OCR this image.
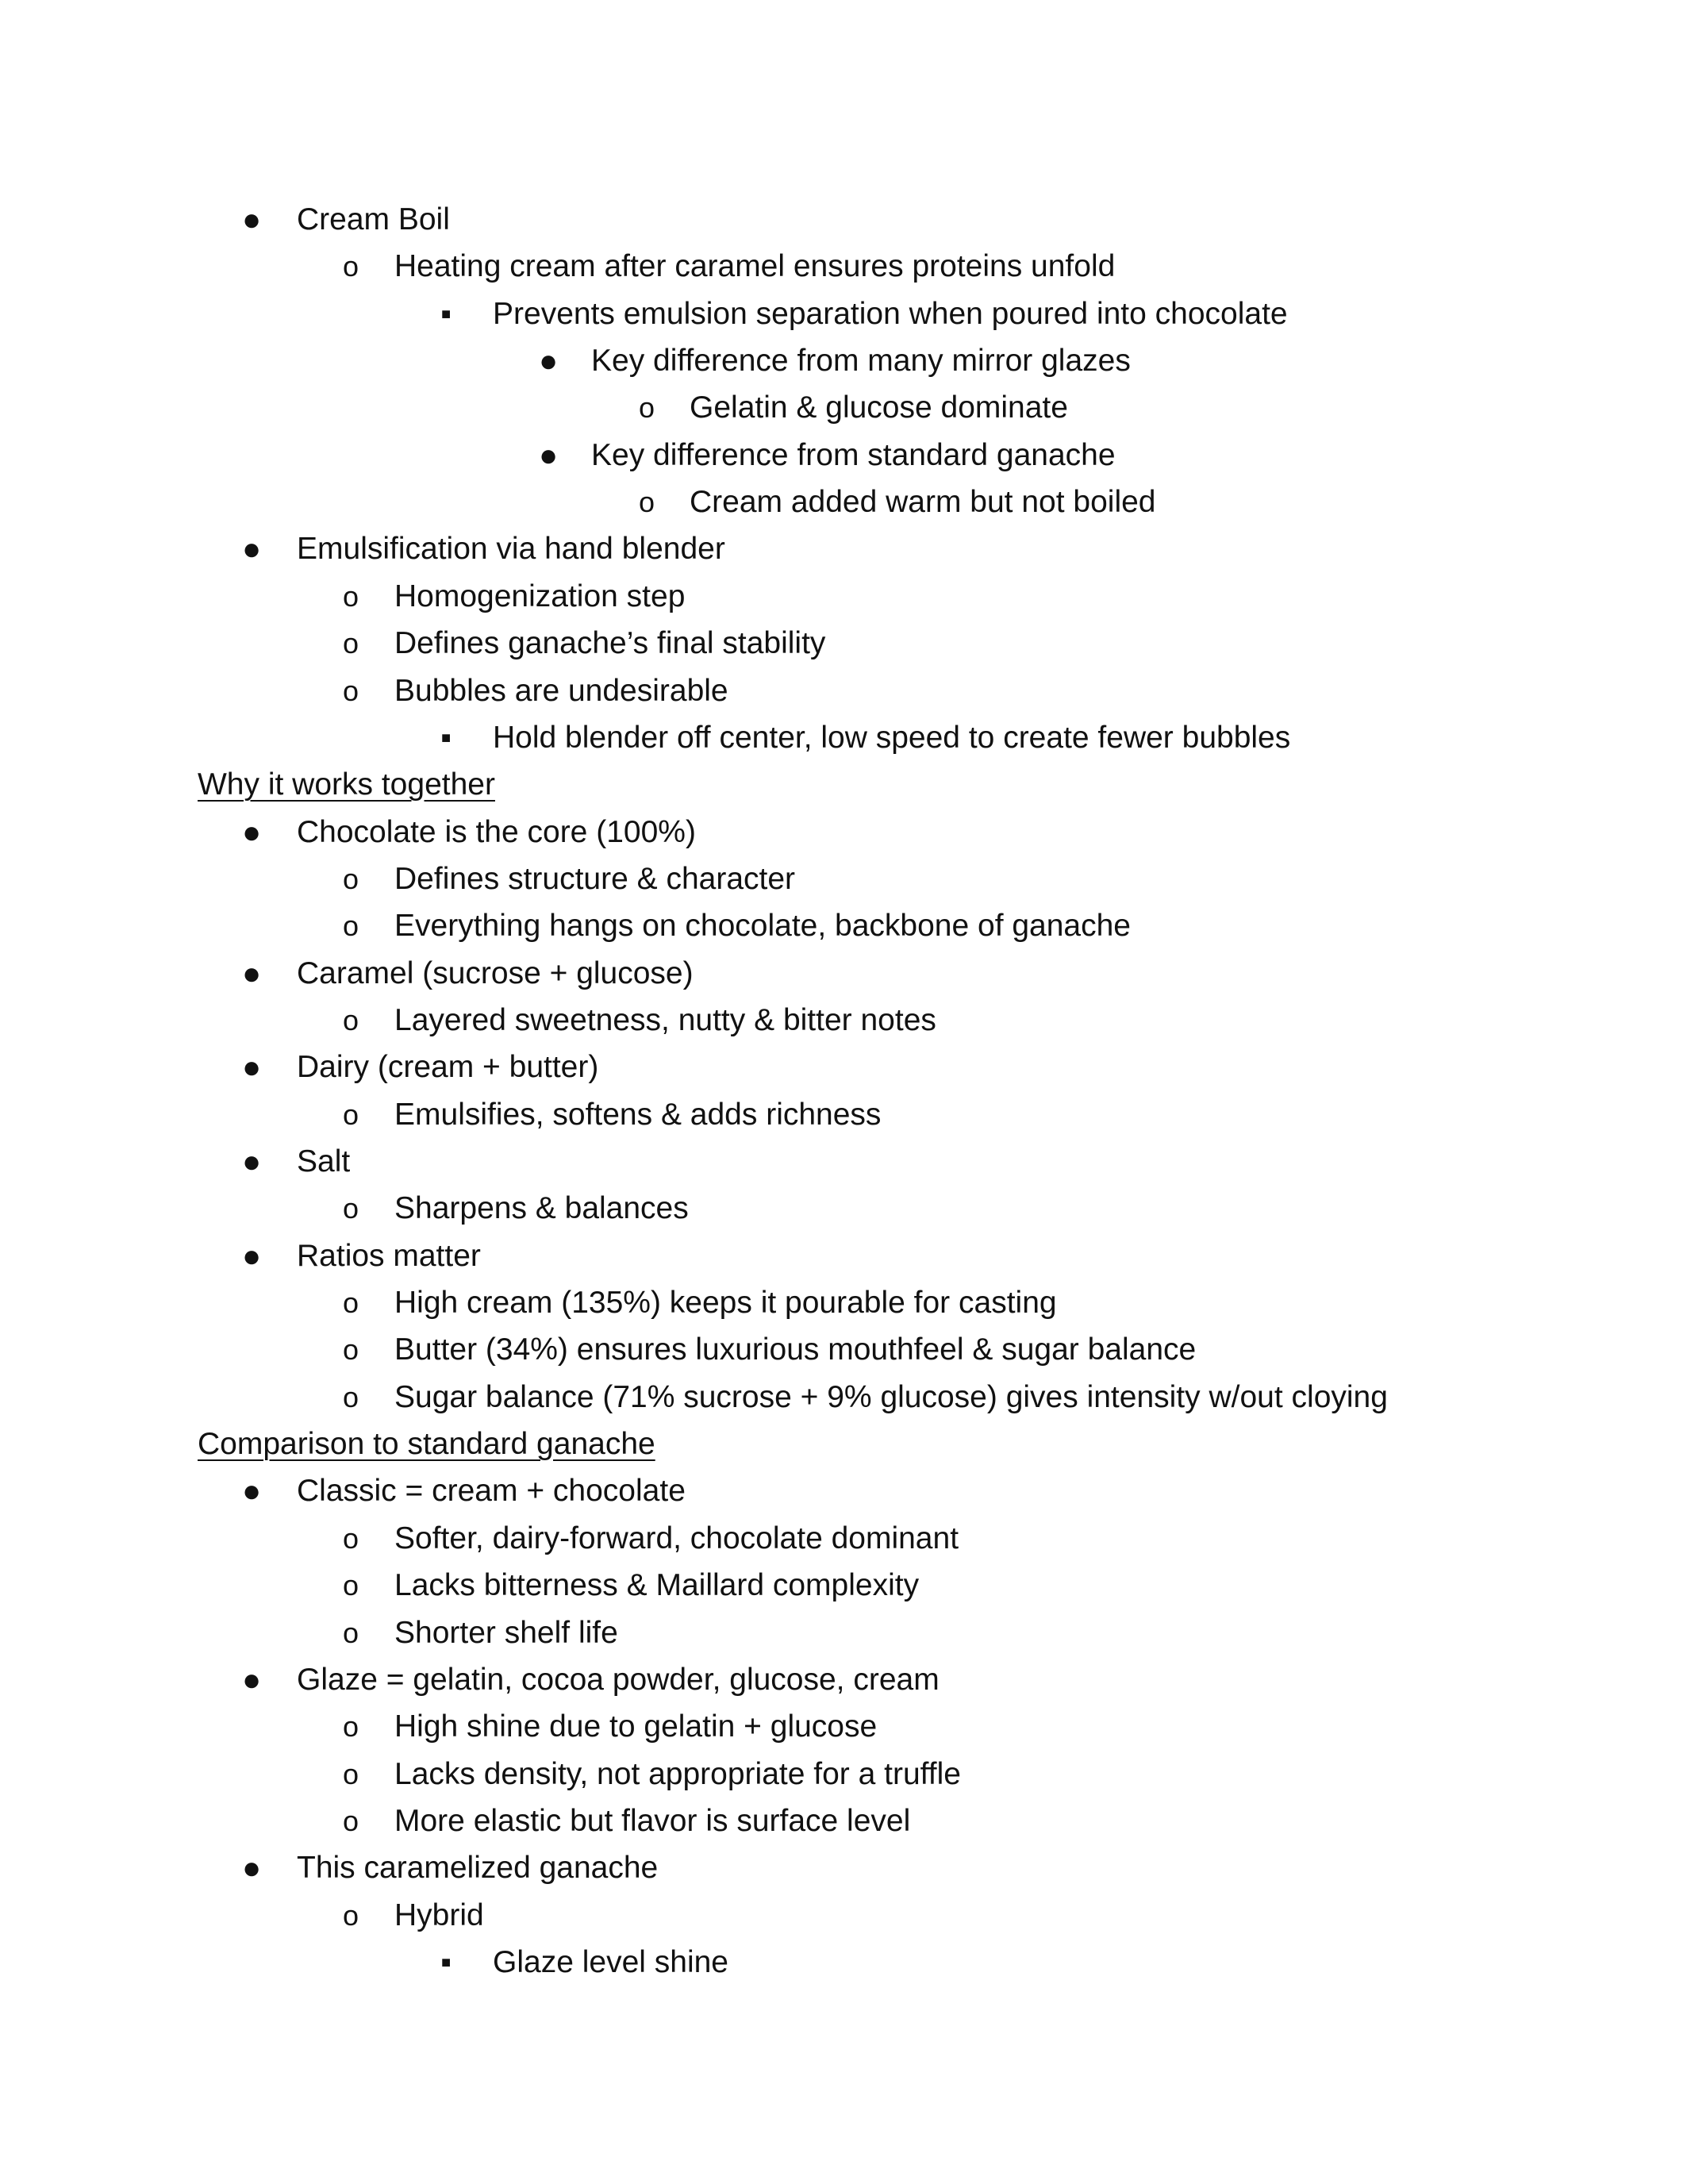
● Cream Boil
o Heating cream after caramel ensures proteins unfold
■ Prevents emulsion separation when poured into chocolate
● Key difference from many mirror glazes
o Gelatin & glucose dominate
● Key difference from standard ganache
o Cream added warm but not boiled
● Emulsification via hand blender
o Homogenization step
o Defines ganache’s final stability
o Bubbles are undesirable
■ Hold blender off center, low speed to create fewer bubbles
Why it works together
● Chocolate is the core (100%)
o Defines structure & character
o Everything hangs on chocolate, backbone of ganache
● Caramel (sucrose + glucose)
o Layered sweetness, nutty & bitter notes
● Dairy (cream + butter)
o Emulsifies, softens & adds richness
● Salt
o Sharpens & balances
● Ratios matter
o High cream (135%) keeps it pourable for casting
o Butter (34%) ensures luxurious mouthfeel & sugar balance
o Sugar balance (71% sucrose + 9% glucose) gives intensity w/out cloying
Comparison to standard ganache
● Classic = cream + chocolate
o Softer, dairy-forward, chocolate dominant
o Lacks bitterness & Maillard complexity
o Shorter shelf life
● Glaze = gelatin, cocoa powder, glucose, cream
o High shine due to gelatin + glucose
o Lacks density, not appropriate for a truffle
o More elastic but flavor is surface level
● This caramelized ganache
o Hybrid
■ Glaze level shine
